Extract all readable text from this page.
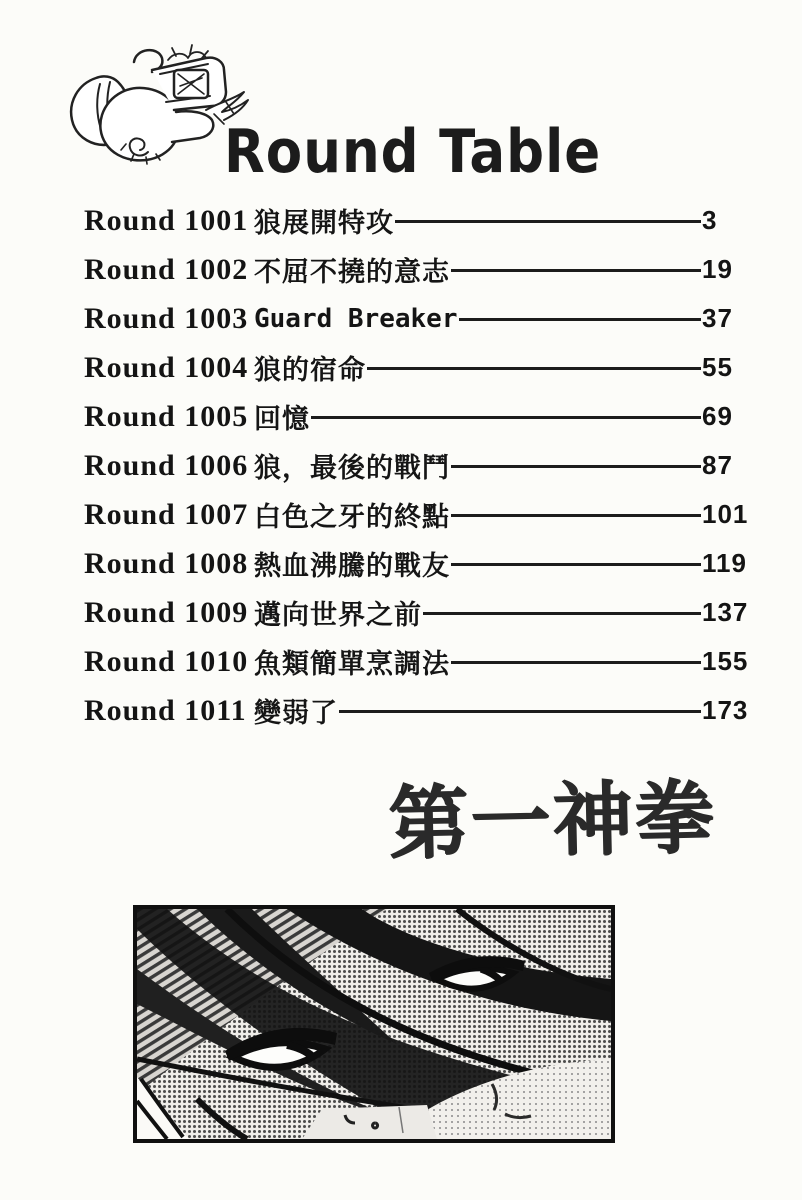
Round Table
Round 1001 狼展開特攻	3
Round 1002 不屈不撓的意志	19
Round 1003 Guard Breaker	37
Round 1004 狼的宿命	55
Round 1005 回憶	69
Round 1006 狼，最後的戰鬥	87
Round 1007 白色之牙的終點	101
Round 1008 熱血沸騰的戰友	119
Round 1009 邁向世界之前	137
Round 1010 魚類簡單烹調法	155
Round 1011 變弱了	173
第一神拳
